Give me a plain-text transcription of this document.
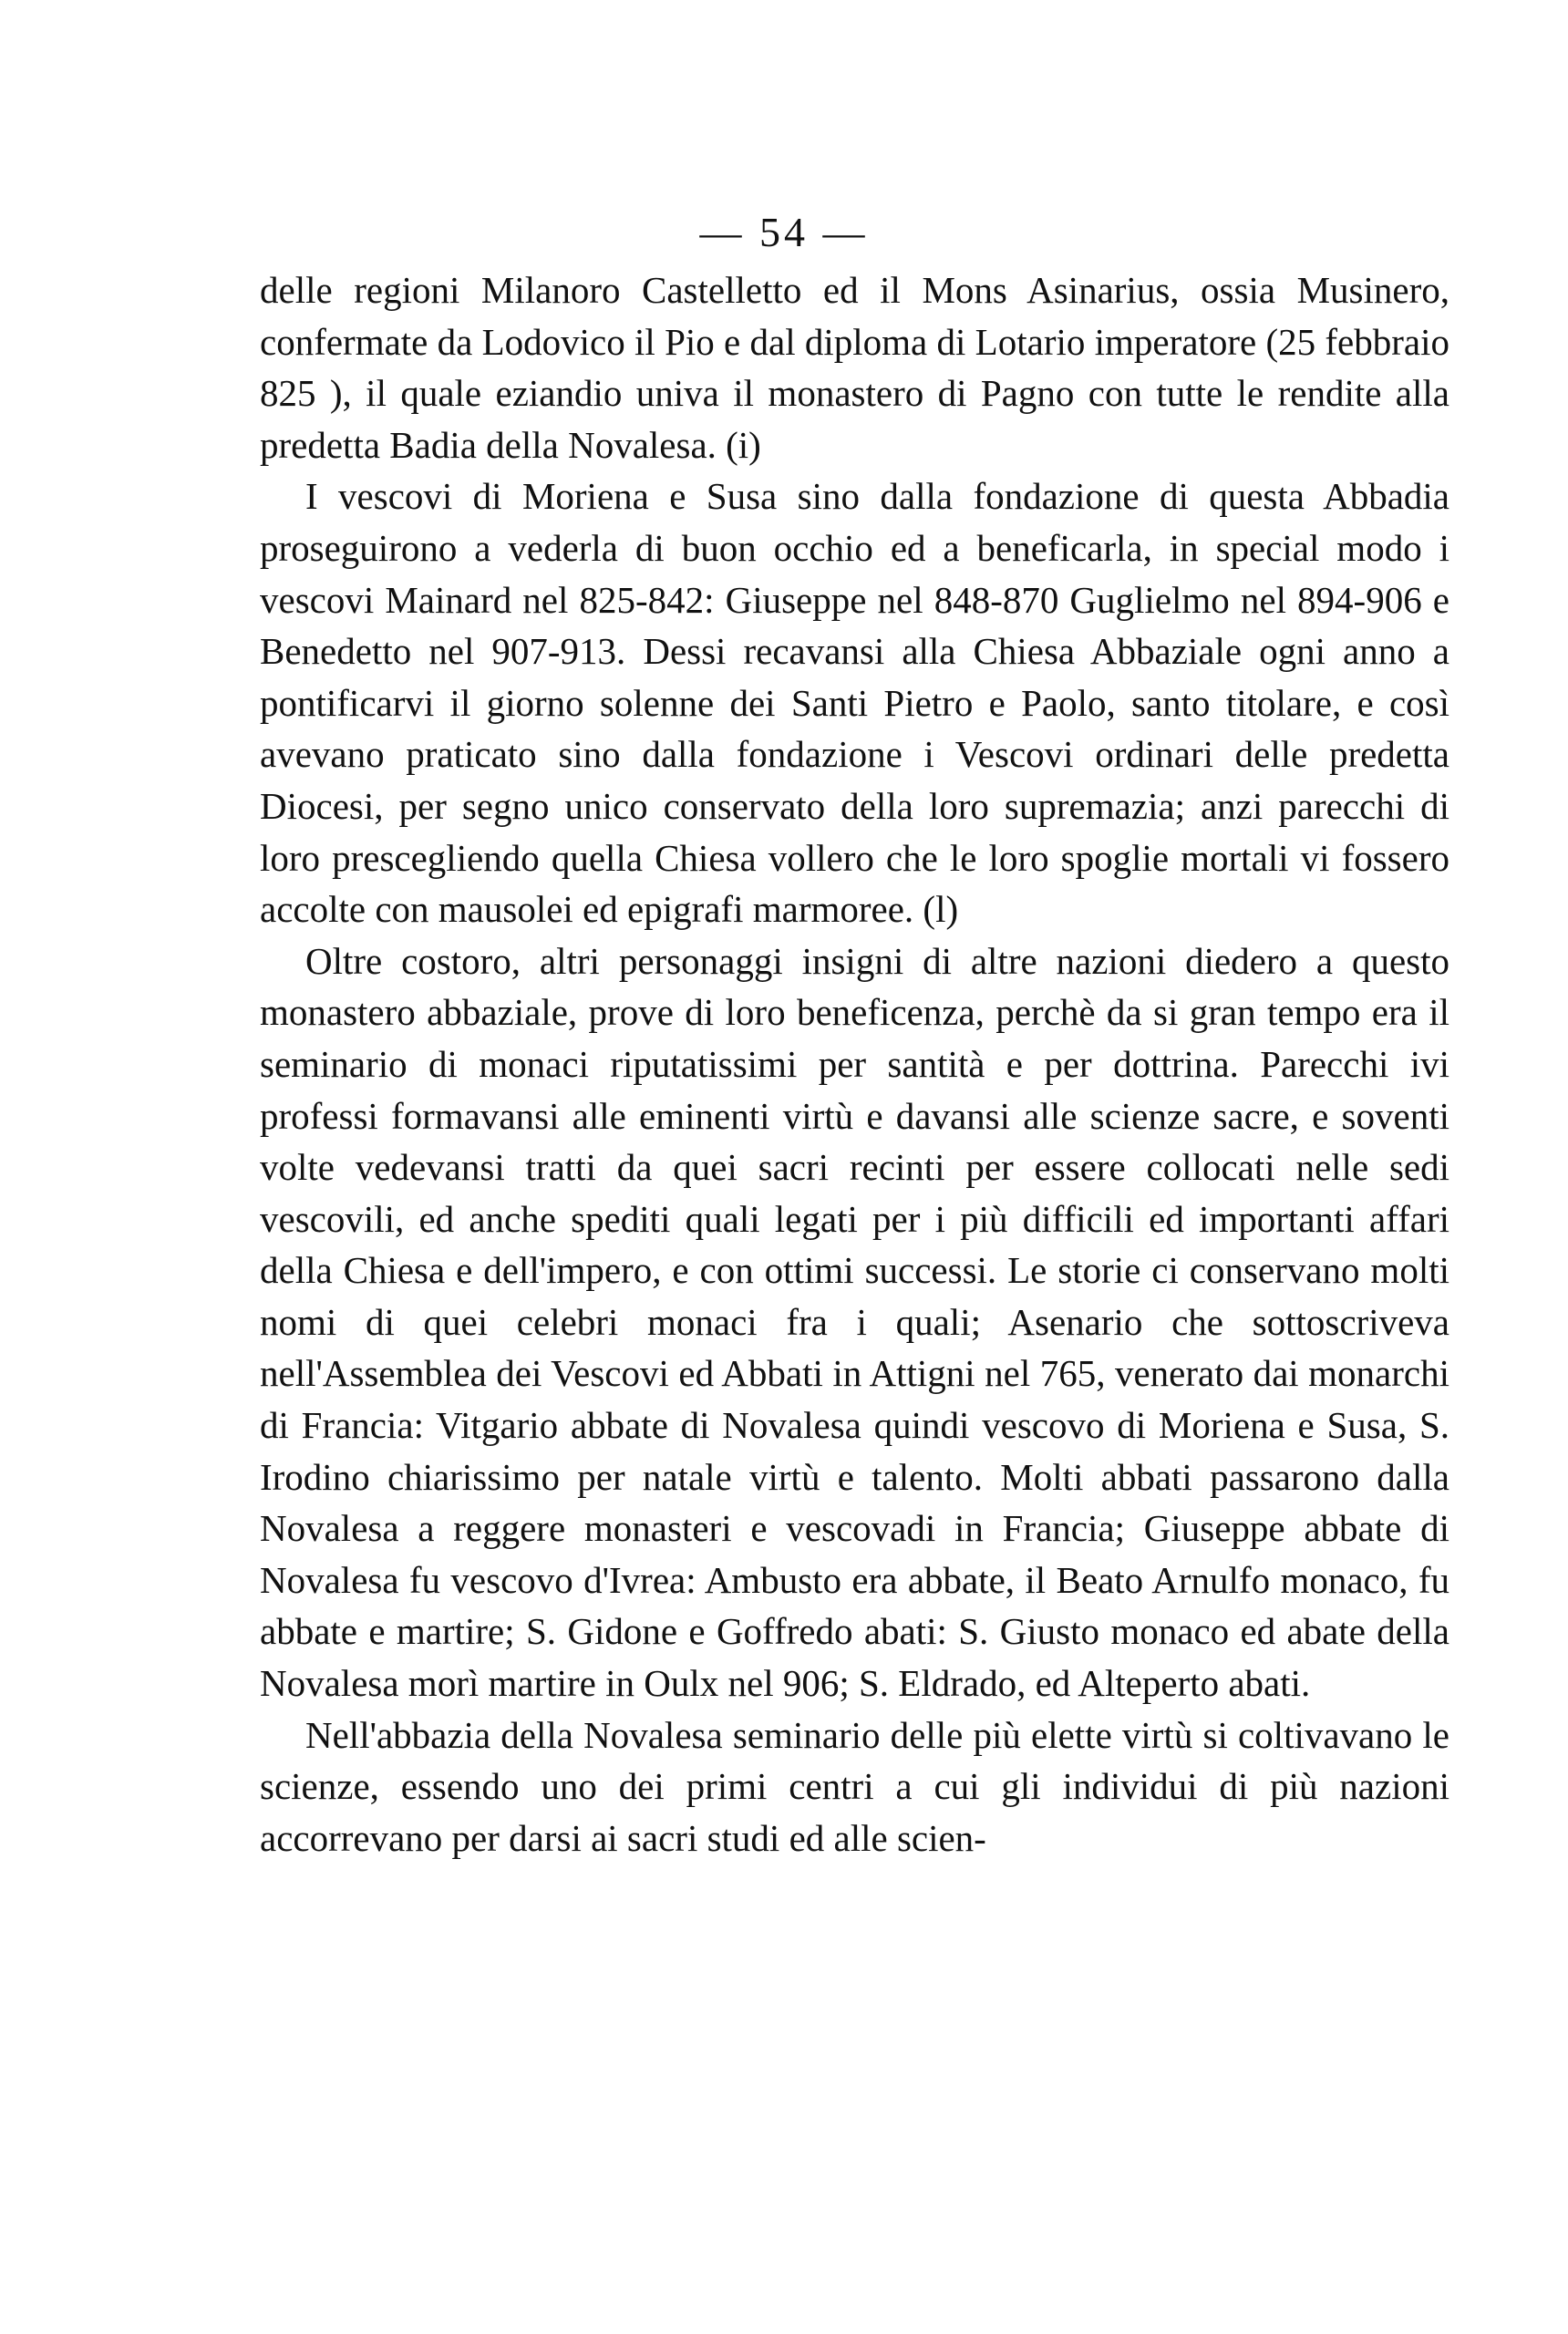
— 54 —

delle regioni Milanoro Castelletto ed il Mons Asinarius, ossia Musinero, confermate da Lodovico il Pio e dal diploma di Lotario imperatore (25 febbraio 825 ), il quale eziandio univa il monastero di Pagno con tutte le rendite alla predetta Badia della Novalesa. (i)

I vescovi di Moriena e Susa sino dalla fondazione di questa Abbadia proseguirono a vederla di buon occhio ed a beneficarla, in special modo i vescovi Mainard nel 825-842: Giuseppe nel 848-870 Guglielmo nel 894-906 e Benedetto nel 907-913. Dessi recavansi alla Chiesa Abbaziale ogni anno a pontificarvi il giorno solenne dei Santi Pietro e Paolo, santo titolare, e così avevano praticato sino dalla fondazione i Vescovi ordinari delle predetta Diocesi, per segno unico conservato della loro supremazia; anzi parecchi di loro prescegliendo quella Chiesa vollero che le loro spoglie mortali vi fossero accolte con mausolei ed epigrafi marmoree. (l)

Oltre costoro, altri personaggi insigni di altre nazioni diedero a questo monastero abbaziale, prove di loro beneficenza, perchè da si gran tempo era il seminario di monaci riputatissimi per santità e per dottrina. Parecchi ivi professi formavansi alle eminenti virtù e davansi alle scienze sacre, e soventi volte vedevansi tratti da quei sacri recinti per essere collocati nelle sedi vescovili, ed anche spediti quali legati per i più difficili ed importanti affari della Chiesa e dell'impero, e con ottimi successi. Le storie ci conservano molti nomi di quei celebri monaci fra i quali; Asenario che sottoscriveva nell'Assemblea dei Vescovi ed Abbati in Attigni nel 765, venerato dai monarchi di Francia: Vitgario abbate di Novalesa quindi vescovo di Moriena e Susa, S. Irodino chiarissimo per natale virtù e talento. Molti abbati passarono dalla Novalesa a reggere monasteri e vescovadi in Francia; Giuseppe abbate di Novalesa fu vescovo d'Ivrea: Ambusto era abbate, il Beato Arnulfo monaco, fu abbate e martire; S. Gidone e Goffredo abati: S. Giusto monaco ed abate della Novalesa morì martire in Oulx nel 906; S. Eldrado, ed Alteperto abati.

Nell'abbazia della Novalesa seminario delle più elette virtù si coltivavano le scienze, essendo uno dei primi centri a cui gli individui di più nazioni accorrevano per darsi ai sacri studi ed alle scien-
